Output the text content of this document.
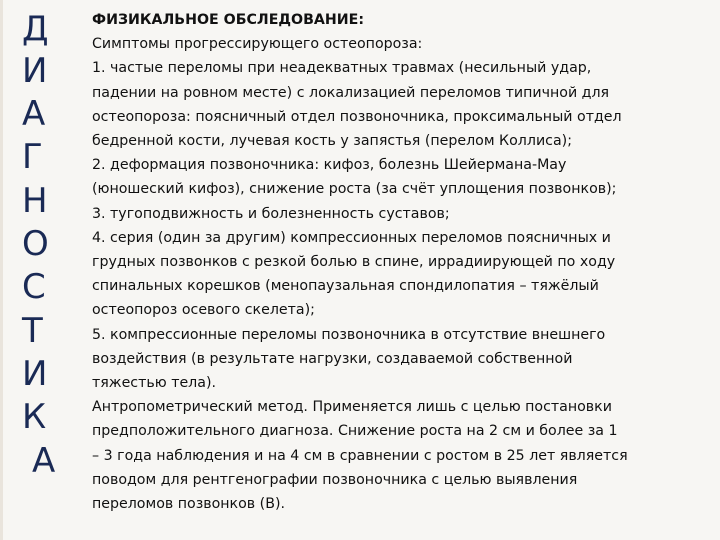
Д
И
А
Г
Н
О
С
Т
И
К
А
ФИЗИКАЛЬНОЕ ОБСЛЕДОВАНИЕ:
Симптомы прогрессирующего остеопороза:
1. частые переломы при неадекватных травмах (несильный удар,
падении на ровном месте) с локализацией переломов типичной для
остеопороза: поясничный отдел позвоночника, проксимальный отдел
бедренной кости, лучевая кость у запястья (перелом Коллиса);
2. деформация позвоночника: кифоз, болезнь Шейермана-Мау
(юношеский кифоз), снижение роста (за счёт уплощения позвонков);
3. тугоподвижность и болезненность суставов;
4. серия (один за другим) компрессионных переломов поясничных и
грудных позвонков с резкой болью в спине, иррадиирующей по ходу
спинальных корешков (менопаузальная спондилопатия – тяжёлый
остеопороз осевого скелета);
5. компрессионные переломы позвоночника в отсутствие внешнего
воздействия (в результате нагрузки, создаваемой собственной
тяжестью тела).
Антропометрический метод. Применяется лишь с целью постановки
предположительного диагноза. Снижение роста на 2 см и более за 1
– 3 года наблюдения и на 4 см в сравнении с ростом в 25 лет является
поводом для рентгенографии позвоночника с целью выявления
переломов позвонков (В).
